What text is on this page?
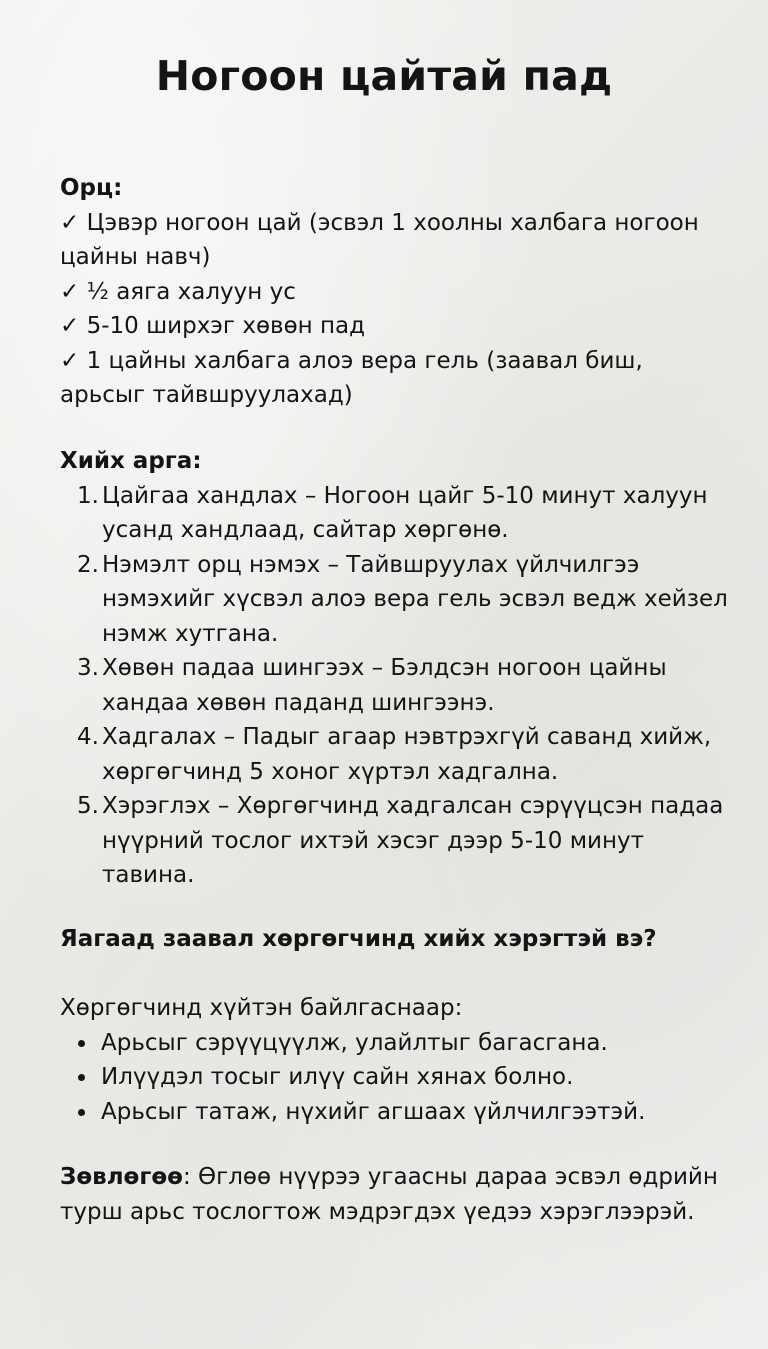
Ногоон цайтай пад

Орц:

✓ Цэвэр ногоон цай (эсвэл 1 хоолны халбага ногоон цайны навч)

✓ ½ аяга халуун ус

✓ 5-10 ширхэг хөвөн пад

✓ 1 цайны халбага алоэ вера гель (заавал биш, арьсыг тайвшруулахад)

Хийх арга:

1. Цайгаа хандлах – Ногоон цайг 5-10 минут халуун усанд хандлаад, сайтар хөргөнө.
2. Нэмэлт орц нэмэх – Тайвшруулах үйлчилгээ нэмэхийг хүсвэл алоэ вера гель эсвэл ведж хейзел нэмж хутгана.
3. Хөвөн падаа шингээх – Бэлдсэн ногоон цайны хандаа хөвөн паданд шингээнэ.
4. Хадгалах – Падыг агаар нэвтрэхгүй саванд хийж, хөргөгчинд 5 хоног хүртэл хадгална.
5. Хэрэглэх – Хөргөгчинд хадгалсан сэрүүцсэн падаа нүүрний тослог ихтэй хэсэг дээр 5-10 минут тавина.

Яагаад заавал хөргөгчинд хийх хэрэгтэй вэ?

Хөргөгчинд хүйтэн байлгаснаар:

Арьсыг сэрүүцүүлж, улайлтыг багасгана.
Илүүдэл тосыг илүү сайн хянах болно.
Арьсыг татаж, нүхийг агшаах үйлчилгээтэй.

Зөвлөгөө: Өглөө нүүрээ угаасны дараа эсвэл өдрийн турш арьс тослогтож мэдрэгдэх үедээ хэрэглээрэй.
